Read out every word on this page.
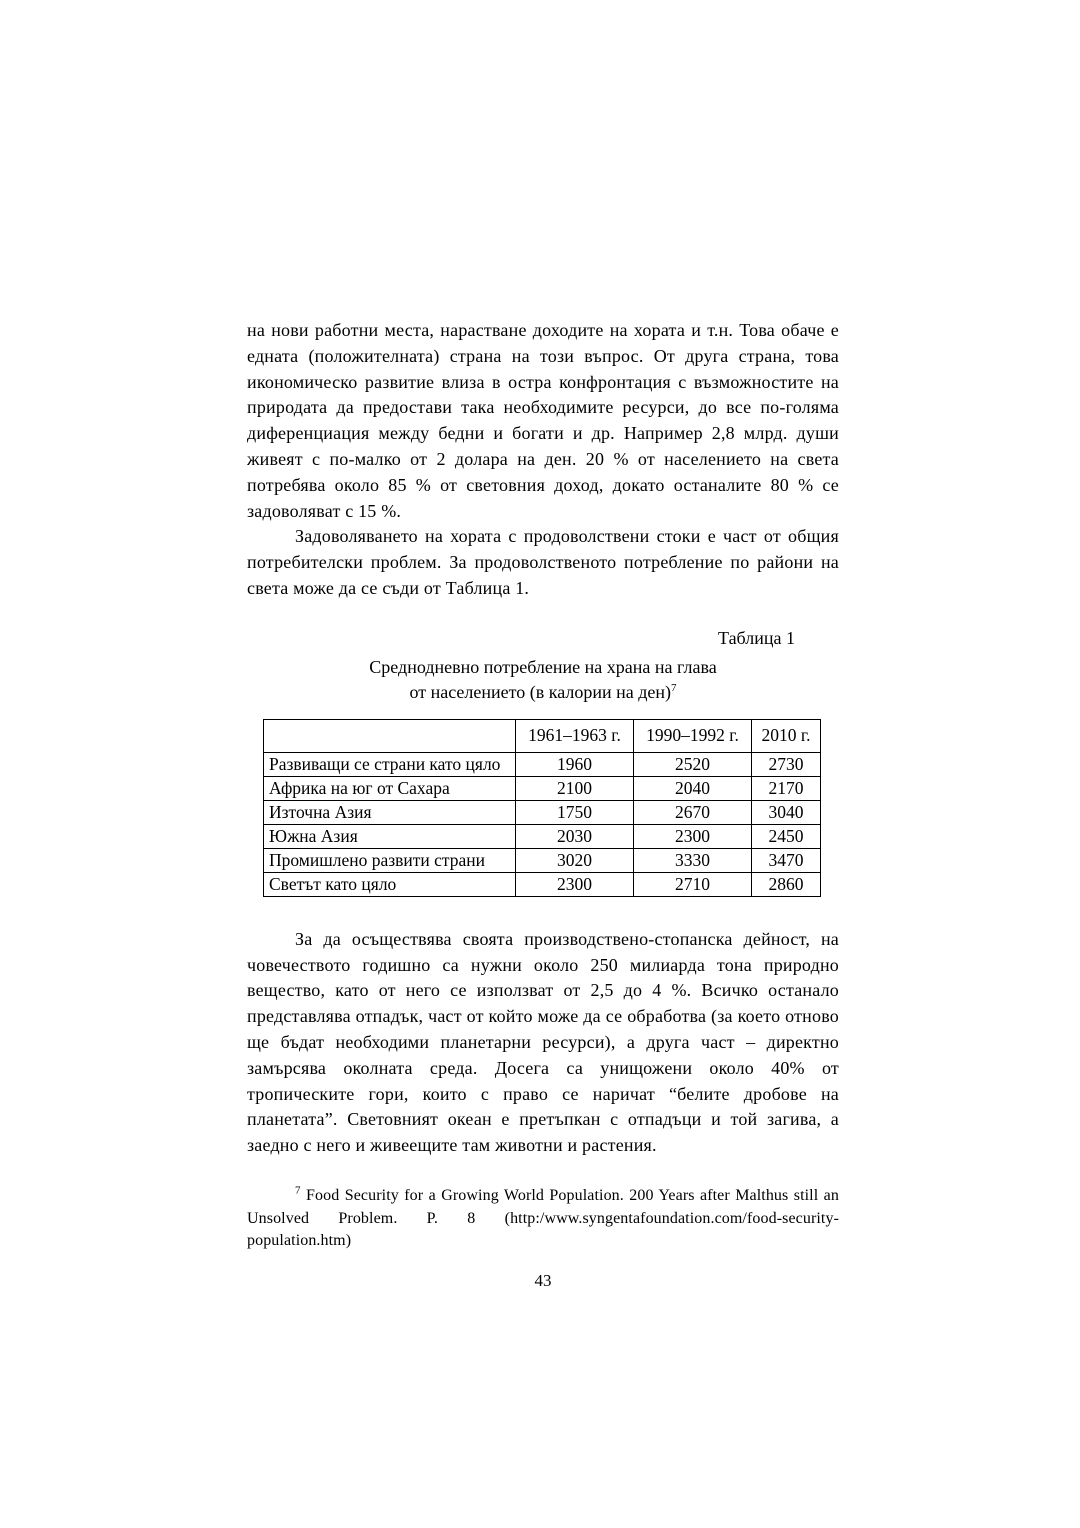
на нови работни места, нарастване доходите на хората и т.н. Това обаче е едната (положителната) страна на този въпрос. От друга страна, това икономическо развитие влиза в остра конфронтация с възможностите на природата да предостави така необходимите ресурси, до все по-голяма диференциация между бедни и богати и др. Например 2,8 млрд. души живеят с по-малко от 2 долара на ден. 20 % от населението на света потребява около 85 % от световния доход, докато останалите 80 % се задоволяват с 15 %.

Задоволяването на хората с продоволствени стоки е част от общия потребителски проблем. За продоволственото потребление по райони на света може да се съди от Таблица 1.

Таблица 1
Среднодневно потребление на храна на глава
от населението (в калории на ден)$^7$
	1961–1963 г.	1990–1992 г.	2010 г.
Развиващи се страни като цяло	1960	2520	2730
Африка на юг от Сахара	2100	2040	2170
Източна Азия	1750	2670	3040
Южна Азия	2030	2300	2450
Промишлено развити страни	3020	3330	3470
Светът като цяло	2300	2710	2860

За да осъществява своята производствено-стопанска дейност, на човечеството годишно са нужни около 250 милиарда тона природно вещество, като от него се използват от 2,5 до 4 %. Всичко останало представлява отпадък, част от който може да се обработва (за което отново ще бъдат необходими планетарни ресурси), а друга част – директно замърсява околната среда. Досега са унищожени около 40% от тропическите гори, които с право се наричат “белите дробове на планетата”. Световният океан е претъпкан с отпадъци и той загива, а заедно с него и живеещите там животни и растения.

$^7$ Food Security for a Growing World Population. 200 Years after Malthus still an Unsolved Problem. P. 8 (http:/www.syngentafoundation.com/food-security-population.htm)
43
